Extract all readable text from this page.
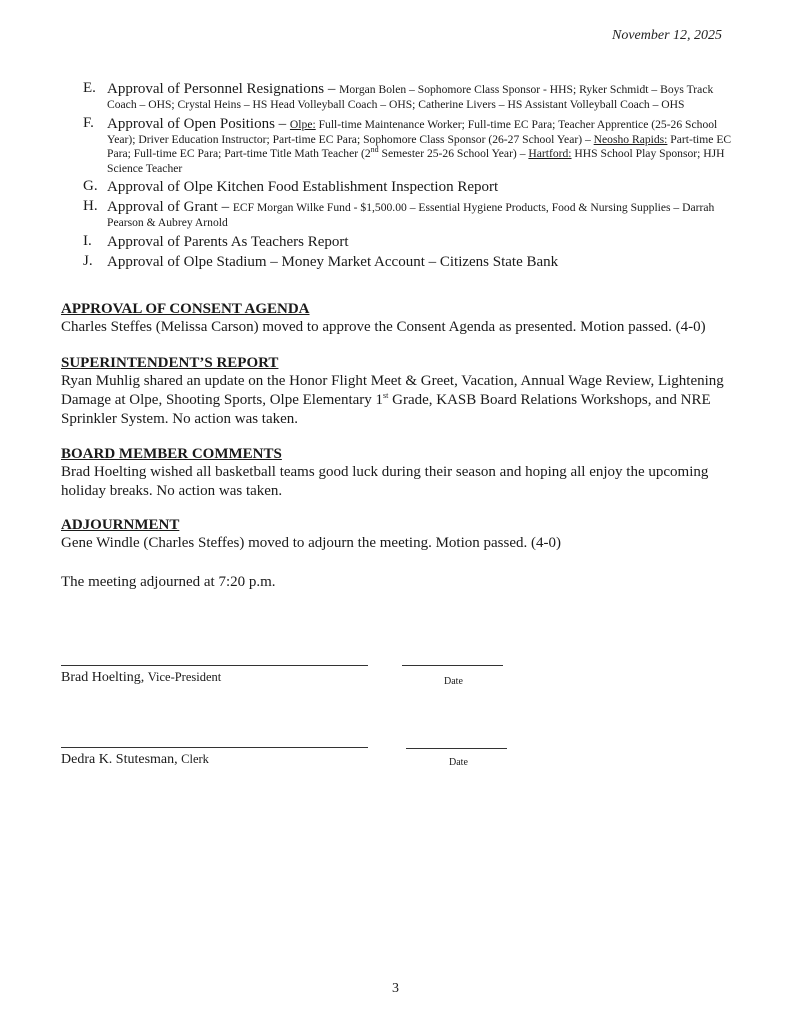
November 12, 2025
E. Approval of Personnel Resignations – Morgan Bolen – Sophomore Class Sponsor - HHS; Ryker Schmidt – Boys Track Coach – OHS; Crystal Heins – HS Head Volleyball Coach – OHS; Catherine Livers – HS Assistant Volleyball Coach – OHS
F. Approval of Open Positions – Olpe: Full-time Maintenance Worker; Full-time EC Para; Teacher Apprentice (25-26 School Year); Driver Education Instructor; Part-time EC Para; Sophomore Class Sponsor (26-27 School Year) – Neosho Rapids: Part-time EC Para; Full-time EC Para; Part-time Title Math Teacher (2nd Semester 25-26 School Year) – Hartford: HHS School Play Sponsor; HJH Science Teacher
G. Approval of Olpe Kitchen Food Establishment Inspection Report
H. Approval of Grant – ECF Morgan Wilke Fund - $1,500.00 – Essential Hygiene Products, Food & Nursing Supplies – Darrah Pearson & Aubrey Arnold
I. Approval of Parents As Teachers Report
J. Approval of Olpe Stadium – Money Market Account – Citizens State Bank
APPROVAL OF CONSENT AGENDA
Charles Steffes (Melissa Carson) moved to approve the Consent Agenda as presented. Motion passed. (4-0)
SUPERINTENDENT’S REPORT
Ryan Muhlig shared an update on the Honor Flight Meet & Greet, Vacation, Annual Wage Review, Lightening Damage at Olpe, Shooting Sports, Olpe Elementary 1st Grade, KASB Board Relations Workshops, and NRE Sprinkler System. No action was taken.
BOARD MEMBER COMMENTS
Brad Hoelting wished all basketball teams good luck during their season and hoping all enjoy the upcoming holiday breaks. No action was taken.
ADJOURNMENT
Gene Windle (Charles Steffes) moved to adjourn the meeting. Motion passed. (4-0)
The meeting adjourned at 7:20 p.m.
Brad Hoelting, Vice-President	Date
Dedra K. Stutesman, Clerk	Date
3
